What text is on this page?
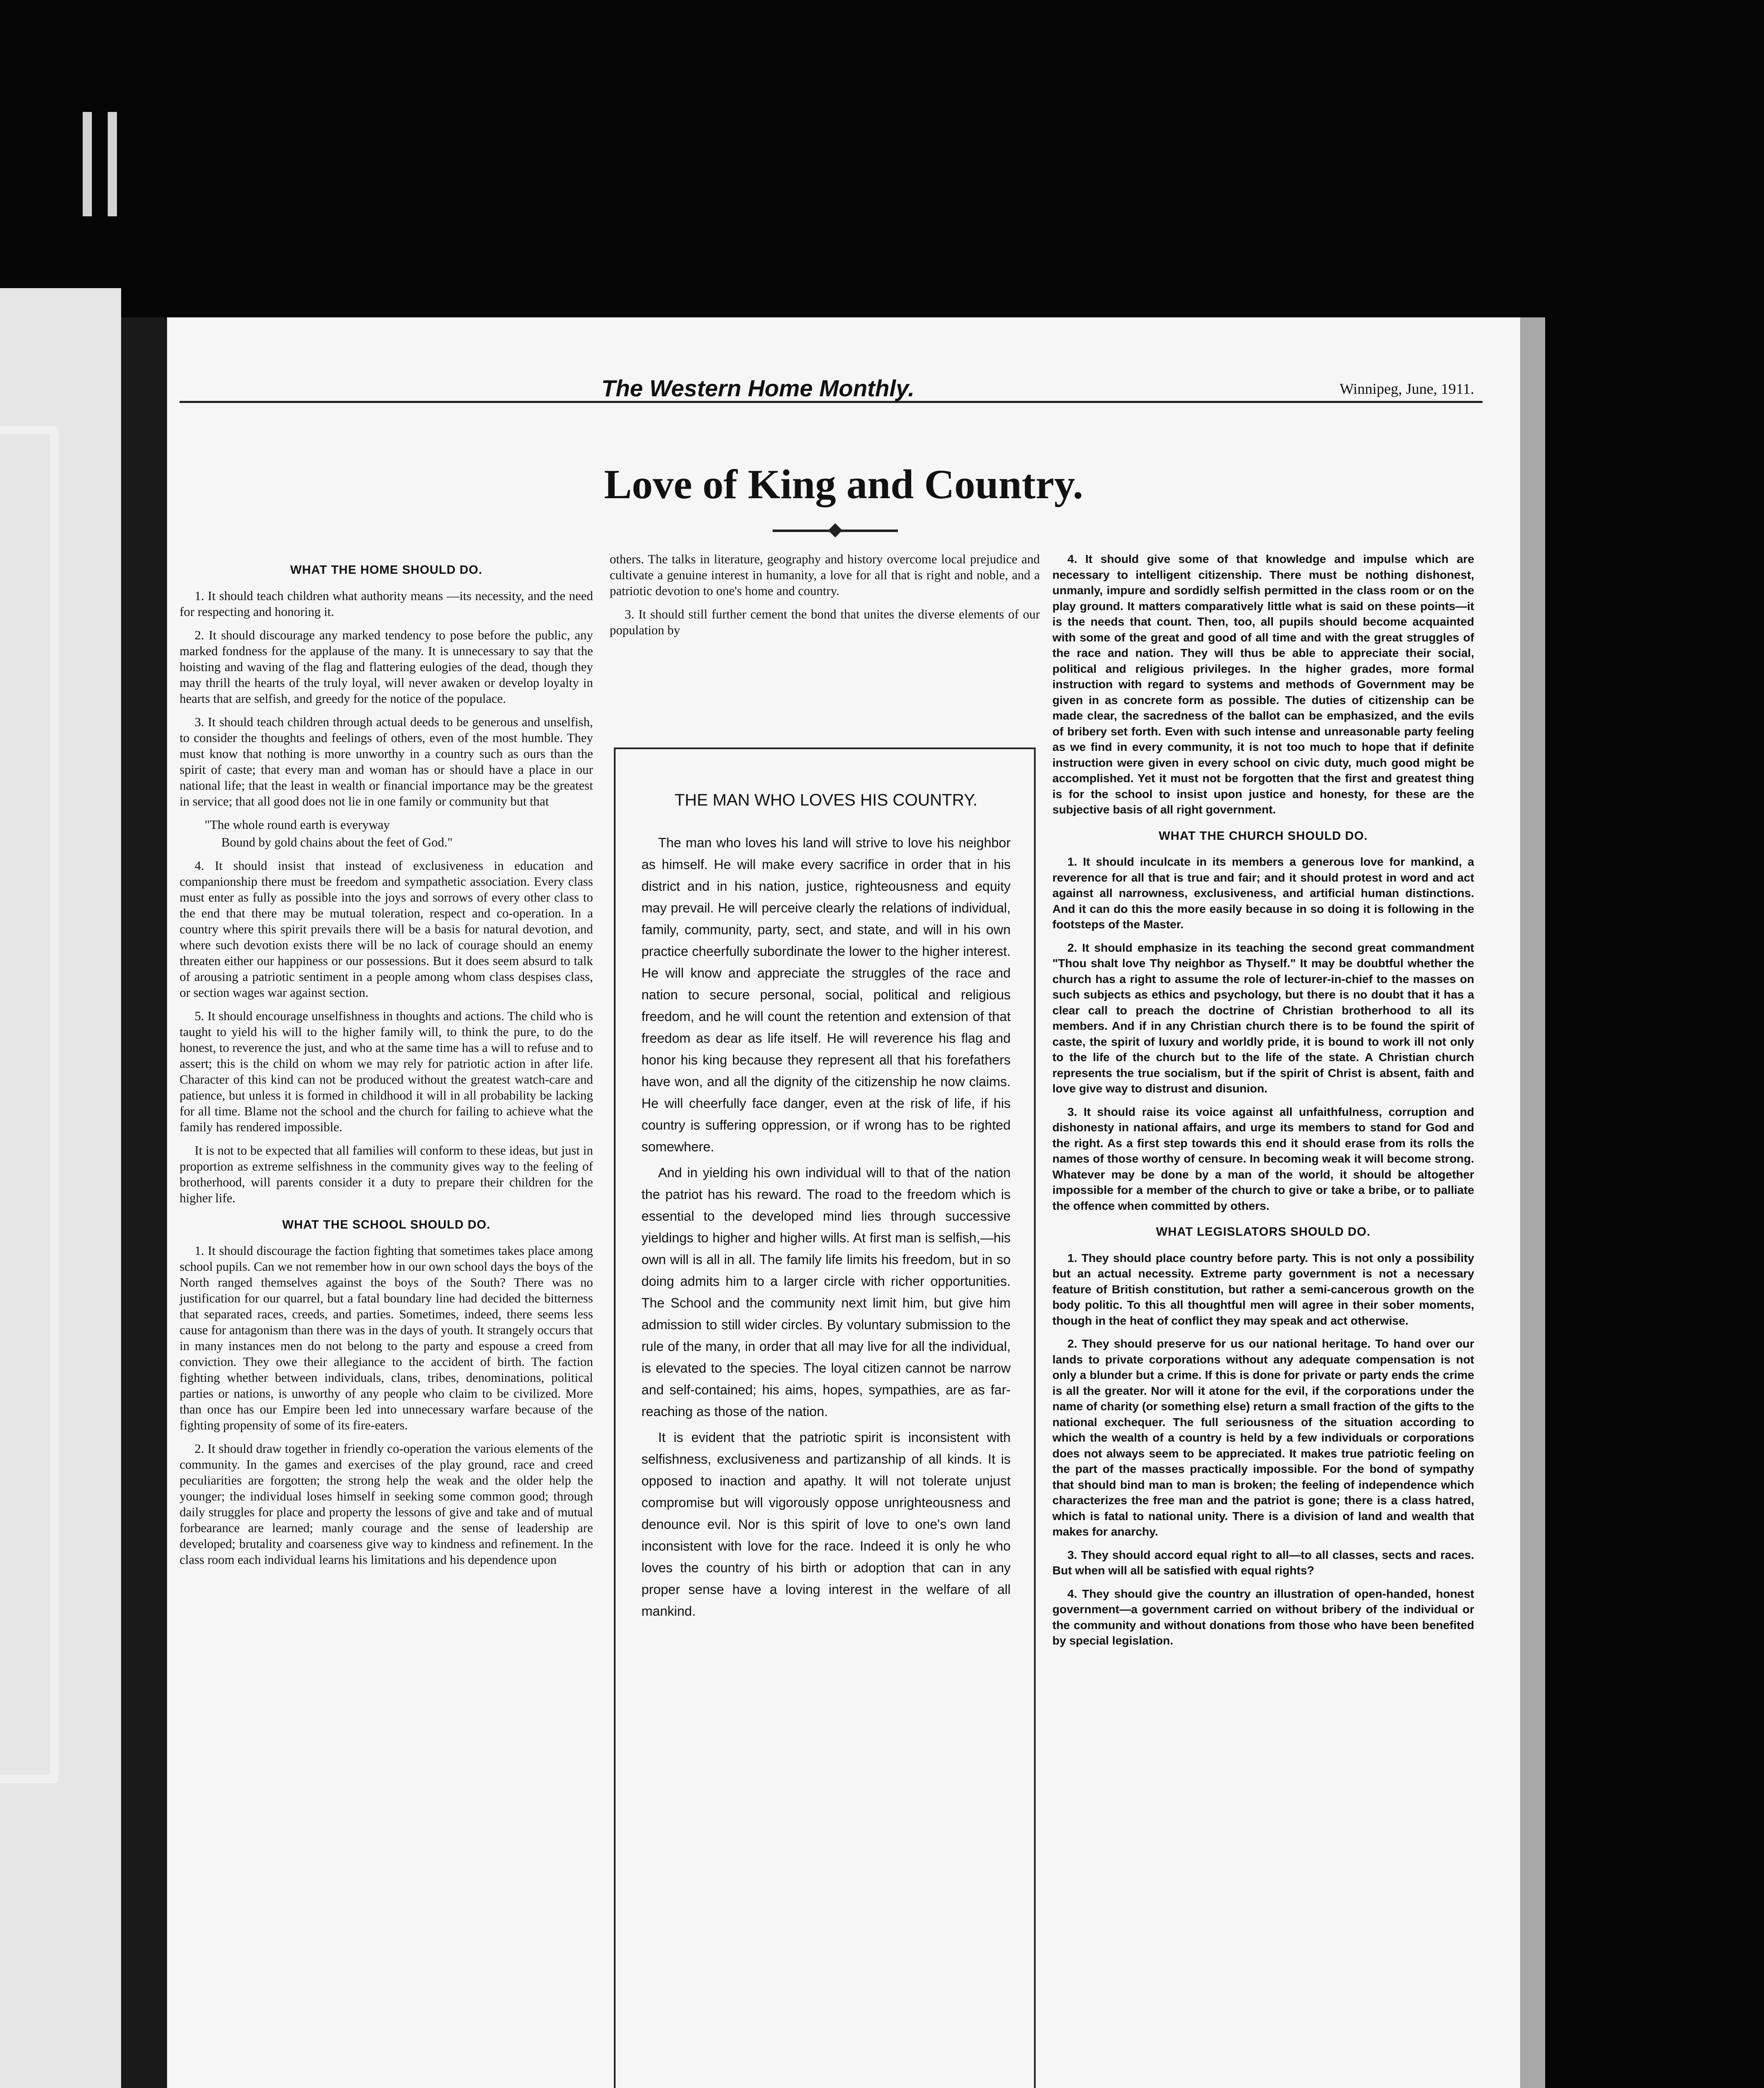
The Western Home Monthly.	Winnipeg, June, 1911.
Love of King and Country.

WHAT THE HOME SHOULD DO.

1. It should teach children what authority means —its necessity, and the need for respecting and honoring it.

2. It should discourage any marked tendency to pose before the public, any marked fondness for the applause of the many. It is unnecessary to say that the hoisting and waving of the flag and flattering eulogies of the dead, though they may thrill the hearts of the truly loyal, will never awaken or develop loyalty in hearts that are selfish, and greedy for the notice of the populace.

3. It should teach children through actual deeds to be generous and unselfish, to consider the thoughts and feelings of others, even of the most humble. They must know that nothing is more unworthy in a country such as ours than the spirit of caste; that every man and woman has or should have a place in our national life; that the least in wealth or financial importance may be the greatest in service; that all good does not lie in one family or community but that

"The whole round earth is everyway

Bound by gold chains about the feet of God."

4. It should insist that instead of exclusiveness in education and companionship there must be freedom and sympathetic association. Every class must enter as fully as possible into the joys and sorrows of every other class to the end that there may be mutual toleration, respect and co-operation. In a country where this spirit prevails there will be a basis for natural devotion, and where such devotion exists there will be no lack of courage should an enemy threaten either our happiness or our possessions. But it does seem absurd to talk of arousing a patriotic sentiment in a people among whom class despises class, or section wages war against section.

5. It should encourage unselfishness in thoughts and actions. The child who is taught to yield his will to the higher family will, to think the pure, to do the honest, to reverence the just, and who at the same time has a will to refuse and to assert; this is the child on whom we may rely for patriotic action in after life. Character of this kind can not be produced without the greatest watch-care and patience, but unless it is formed in childhood it will in all probability be lacking for all time. Blame not the school and the church for failing to achieve what the family has rendered impossible.

It is not to be expected that all families will conform to these ideas, but just in proportion as extreme selfishness in the community gives way to the feeling of brotherhood, will parents consider it a duty to prepare their children for the higher life.

WHAT THE SCHOOL SHOULD DO.

1. It should discourage the faction fighting that sometimes takes place among school pupils. Can we not remember how in our own school days the boys of the North ranged themselves against the boys of the South? There was no justification for our quarrel, but a fatal boundary line had decided the bitterness that separated races, creeds, and parties. Sometimes, indeed, there seems less cause for antagonism than there was in the days of youth. It strangely occurs that in many instances men do not belong to the party and espouse a creed from conviction. They owe their allegiance to the accident of birth. The faction fighting whether between individuals, clans, tribes, denominations, political parties or nations, is unworthy of any people who claim to be civilized. More than once has our Empire been led into unnecessary warfare because of the fighting propensity of some of its fire-eaters.

2. It should draw together in friendly co-operation the various elements of the community. In the games and exercises of the play ground, race and creed peculiarities are forgotten; the strong help the weak and the older help the younger; the individual loses himself in seeking some common good; through daily struggles for place and property the lessons of give and take and of mutual forbearance are learned; manly courage and the sense of leadership are developed; brutality and coarseness give way to kindness and refinement. In the class room each individual learns his limitations and his dependence upon

others. The talks in literature, geography and history overcome local prejudice and cultivate a genuine interest in humanity, a love for all that is right and noble, and a patriotic devotion to one's home and country.

3. It should still further cement the bond that unites the diverse elements of our population by

THE MAN WHO LOVES HIS COUNTRY.

The man who loves his land will strive to love his neighbor as himself. He will make every sacrifice in order that in his district and in his nation, justice, righteousness and equity may prevail. He will perceive clearly the relations of individual, family, community, party, sect, and state, and will in his own practice cheerfully subordinate the lower to the higher interest. He will know and appreciate the struggles of the race and nation to secure personal, social, political and religious freedom, and he will count the retention and extension of that freedom as dear as life itself. He will reverence his flag and honor his king because they represent all that his forefathers have won, and all the dignity of the citizenship he now claims. He will cheerfully face danger, even at the risk of life, if his country is suffering oppression, or if wrong has to be righted somewhere.

And in yielding his own individual will to that of the nation the patriot has his reward. The road to the freedom which is essential to the developed mind lies through successive yieldings to higher and higher wills. At first man is selfish,—his own will is all in all. The family life limits his freedom, but in so doing admits him to a larger circle with richer opportunities. The School and the community next limit him, but give him admission to still wider circles. By voluntary submission to the rule of the many, in order that all may live for all the individual, is elevated to the species. The loyal citizen cannot be narrow and self-contained; his aims, hopes, sympathies, are as far-reaching as those of the nation.

It is evident that the patriotic spirit is inconsistent with selfishness, exclusiveness and partizanship of all kinds. It is opposed to inaction and apathy. It will not tolerate unjust compromise but will vigorously oppose unrighteousness and denounce evil. Nor is this spirit of love to one's own land inconsistent with love for the race. Indeed it is only he who loves the country of his birth or adoption that can in any proper sense have a loving interest in the welfare of all mankind.

4. It should give some of that knowledge and impulse which are necessary to intelligent citizenship. There must be nothing dishonest, unmanly, impure and sordidly selfish permitted in the class room or on the play ground. It matters comparatively little what is said on these points—it is the needs that count. Then, too, all pupils should become acquainted with some of the great and good of all time and with the great struggles of the race and nation. They will thus be able to appreciate their social, political and religious privileges. In the higher grades, more formal instruction with regard to systems and methods of Government may be given in as concrete form as possible. The duties of citizenship can be made clear, the sacredness of the ballot can be emphasized, and the evils of bribery set forth. Even with such intense and unreasonable party feeling as we find in every community, it is not too much to hope that if definite instruction were given in every school on civic duty, much good might be accomplished. Yet it must not be forgotten that the first and greatest thing is for the school to insist upon justice and honesty, for these are the subjective basis of all right government.

WHAT THE CHURCH SHOULD DO.

1. It should inculcate in its members a generous love for mankind, a reverence for all that is true and fair; and it should protest in word and act against all narrowness, exclusiveness, and artificial human distinctions. And it can do this the more easily because in so doing it is following in the footsteps of the Master.

2. It should emphasize in its teaching the second great commandment "Thou shalt love Thy neighbor as Thyself." It may be doubtful whether the church has a right to assume the role of lecturer-in-chief to the masses on such subjects as ethics and psychology, but there is no doubt that it has a clear call to preach the doctrine of Christian brotherhood to all its members. And if in any Christian church there is to be found the spirit of caste, the spirit of luxury and worldly pride, it is bound to work ill not only to the life of the church but to the life of the state. A Christian church represents the true socialism, but if the spirit of Christ is absent, faith and love give way to distrust and disunion.

3. It should raise its voice against all unfaithfulness, corruption and dishonesty in national affairs, and urge its members to stand for God and the right. As a first step towards this end it should erase from its rolls the names of those worthy of censure. In becoming weak it will become strong. Whatever may be done by a man of the world, it should be altogether impossible for a member of the church to give or take a bribe, or to palliate the offence when committed by others.

WHAT LEGISLATORS SHOULD DO.

1. They should place country before party. This is not only a possibility but an actual necessity. Extreme party government is not a necessary feature of British constitution, but rather a semi-cancerous growth on the body politic. To this all thoughtful men will agree in their sober moments, though in the heat of conflict they may speak and act otherwise.

2. They should preserve for us our national heritage. To hand over our lands to private corporations without any adequate compensation is not only a blunder but a crime. If this is done for private or party ends the crime is all the greater. Nor will it atone for the evil, if the corporations under the name of charity (or something else) return a small fraction of the gifts to the national exchequer. The full seriousness of the situation according to which the wealth of a country is held by a few individuals or corporations does not always seem to be appreciated. It makes true patriotic feeling on the part of the masses practically impossible. For the bond of sympathy that should bind man to man is broken; the feeling of independence which characterizes the free man and the patriot is gone; there is a class hatred, which is fatal to national unity. There is a division of land and wealth that makes for anarchy.

3. They should accord equal right to all—to all classes, sects and races. But when will all be satisfied with equal rights?

4. They should give the country an illustration of open-handed, honest government—a government carried on without bribery of the individual or the community and without donations from those who have been benefited by special legislation.
